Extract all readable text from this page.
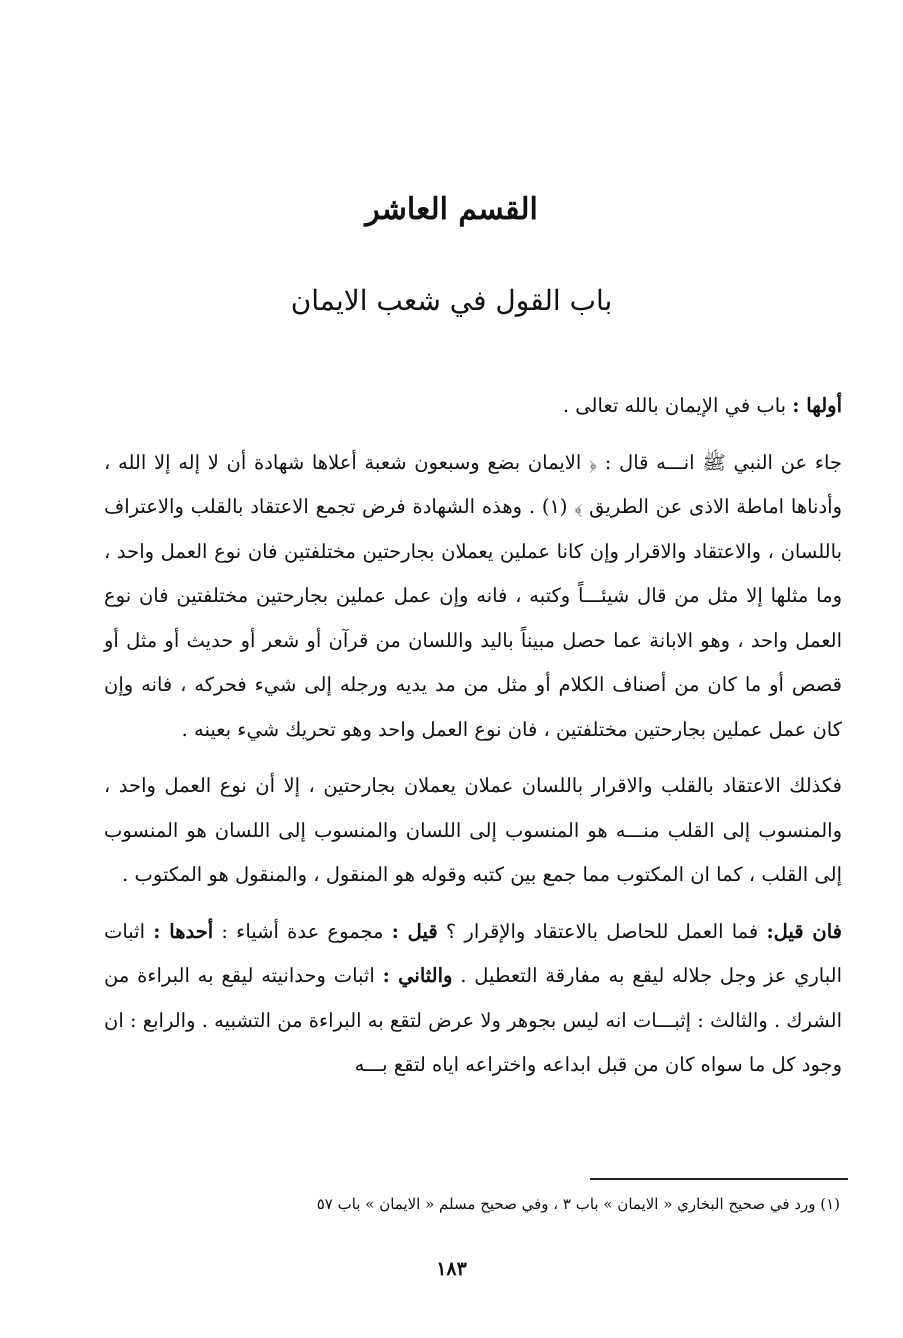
القسم العاشر
باب القول في شعب الايمان

أولها : باب في الإيمان بالله تعالى .

جاء عن النبي ﷺ انـــه قال : ﴿ الايمان بضع وسبعون شعبة أعلاها شهادة أن لا إله إلا الله ، وأدناها اماطة الاذى عن الطريق ﴾ (١) . وهذه الشهادة فرض تجمع الاعتقاد بالقلب والاعتراف باللسان ، والاعتقاد والاقرار وإن كانا عملين يعملان بجارحتين مختلفتين فان نوع العمل واحد ، وما مثلها إلا مثل من قال شيئـــاً وكتبه ، فانه وإن عمل عملين بجارحتين مختلفتين فان نوع العمل واحد ، وهو الابانة عما حصل مبيناً باليد واللسان من قرآن أو شعر أو حديث أو مثل أو قصص أو ما كان من أصناف الكلام أو مثل من مد يديه ورجله إلى شيء فحركه ، فانه وإن كان عمل عملين بجارحتين مختلفتين ، فان نوع العمل واحد وهو تحريك شيء بعينه .

فكذلك الاعتقاد بالقلب والاقرار باللسان عملان يعملان بجارحتين ، إلا أن نوع العمل واحد ، والمنسوب إلى القلب منـــه هو المنسوب إلى اللسان والمنسوب إلى اللسان هو المنسوب إلى القلب ، كما ان المكتوب مما جمع بين كتبه وقوله هو المنقول ، والمنقول هو المكتوب .

فان قيل: فما العمل للحاصل بالاعتقاد والإقرار ؟ قيل : مجموع عدة أشياء : أحدها : اثبات الباري عز وجل جلاله ليقع به مفارقة التعطيل . والثاني : اثبات وحدانيته ليقع به البراءة من الشرك . والثالث : إثبـــات انه ليس بجوهر ولا عرض لتقع به البراءة من التشبيه . والرابع : ان وجود كل ما سواه كان من قبل ابداعه واختراعه اياه لتقع بـــه

(١) ورد في صحيح البخاري « الايمان » باب ٣ ، وفي صحيح مسلم « الايمان » باب ٥٧
١٨٣
